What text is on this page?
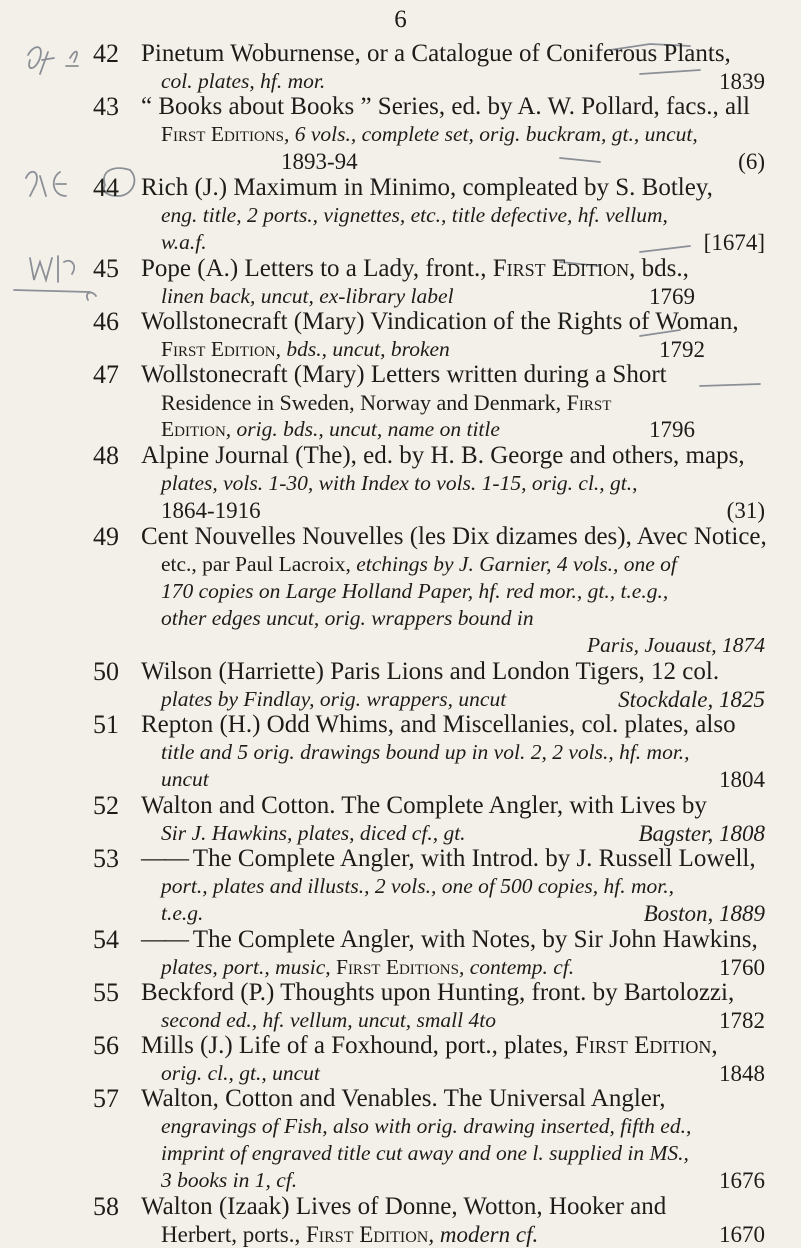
6
42 Pinetum Woburnense, or a Catalogue of Coniferous Plants,
col. plates, hf. mor.	1839
43 “ Books about Books ” Series, ed. by A. W. Pollard, facs., all
First Editions, 6 vols., complete set, orig. buckram, gt., uncut,
1893-94	(6)
44 Rich (J.) Maximum in Minimo, compleated by S. Botley,
eng. title, 2 ports., vignettes, etc., title defective, hf. vellum,
w.a.f.	[1674]
45 Pope (A.) Letters to a Lady, front., First Edition, bds.,
linen back, uncut, ex-library label	1769
46 Wollstonecraft (Mary) Vindication of the Rights of Woman,
First Edition, bds., uncut, broken	1792
47 Wollstonecraft (Mary) Letters written during a Short
Residence in Sweden, Norway and Denmark, First
Edition, orig. bds., uncut, name on title	1796
48 Alpine Journal (The), ed. by H. B. George and others, maps,
plates, vols. 1-30, with Index to vols. 1-15, orig. cl., gt.,
1864-1916	(31)
49 Cent Nouvelles Nouvelles (les Dix dizames des), Avec Notice,
etc., par Paul Lacroix, etchings by J. Garnier, 4 vols., one of
170 copies on Large Holland Paper, hf. red mor., gt., t.e.g.,
other edges uncut, orig. wrappers bound in
Paris, Jouaust, 1874
50 Wilson (Harriette) Paris Lions and London Tigers, 12 col.
plates by Findlay, orig. wrappers, uncut	Stockdale, 1825
51 Repton (H.) Odd Whims, and Miscellanies, col. plates, also
title and 5 orig. drawings bound up in vol. 2, 2 vols., hf. mor.,
uncut	1804
52 Walton and Cotton. The Complete Angler, with Lives by
Sir J. Hawkins, plates, diced cf., gt.	Bagster, 1808
53 —— The Complete Angler, with Introd. by J. Russell Lowell,
port., plates and illusts., 2 vols., one of 500 copies, hf. mor.,
t.e.g.	Boston, 1889
54 —— The Complete Angler, with Notes, by Sir John Hawkins,
plates, port., music, First Editions, contemp. cf.	1760
55 Beckford (P.) Thoughts upon Hunting, front. by Bartolozzi,
second ed., hf. vellum, uncut, small 4to	1782
56 Mills (J.) Life of a Foxhound, port., plates, First Edition,
orig. cl., gt., uncut	1848
57 Walton, Cotton and Venables. The Universal Angler,
engravings of Fish, also with orig. drawing inserted, fifth ed.,
imprint of engraved title cut away and one l. supplied in MS.,
3 books in 1, cf.	1676
58 Walton (Izaak) Lives of Donne, Wotton, Hooker and
Herbert, ports., First Edition, modern cf.	1670
